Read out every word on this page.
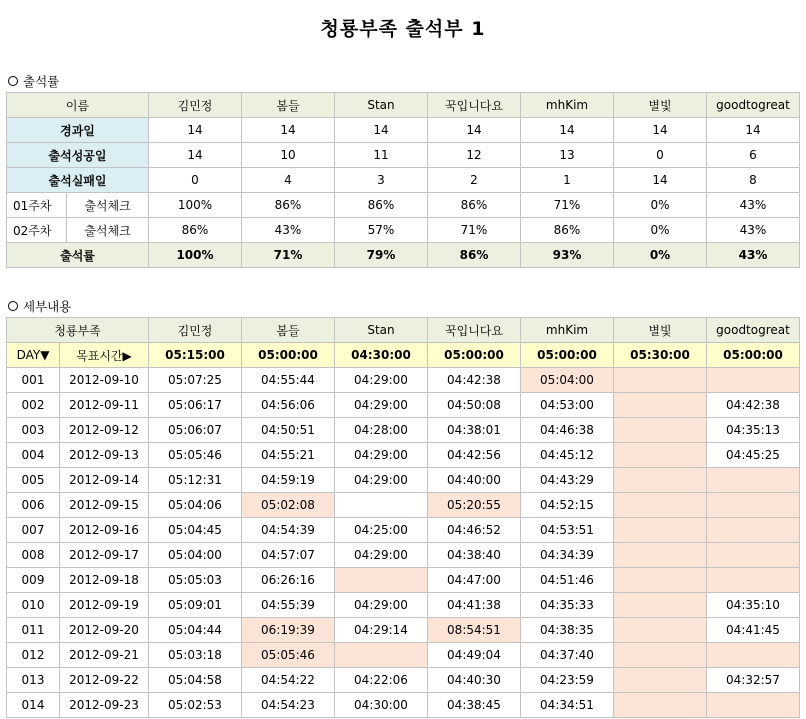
청룡부족 출석부 1
출석률
이름		김민정	봄들	Stan	꾹입니다요	mhKim	별빛	goodtogreat
경과일		14	14	14	14	14	14	14
출석성공일		14	10	11	12	13	0	6
출석실패일		0	4	3	2	1	14	8
01주차	출석체크	100%	86%	86%	86%	71%	0%	43%
02주차	출석체크	86%	43%	57%	71%	86%	0%	43%
출석률		100%	71%	79%	86%	93%	0%	43%
세부내용
청룡부족		김민정	봄들	Stan	꾹입니다요	mhKim	별빛	goodtogreat
DAY▼	목표시간▶	05:15:00	05:00:00	04:30:00	05:00:00	05:00:00	05:30:00	05:00:00
001	2012-09-10	05:07:25	04:55:44	04:29:00	04:42:38	05:04:00		
002	2012-09-11	05:06:17	04:56:06	04:29:00	04:50:08	04:53:00		04:42:38
003	2012-09-12	05:06:07	04:50:51	04:28:00	04:38:01	04:46:38		04:35:13
004	2012-09-13	05:05:46	04:55:21	04:29:00	04:42:56	04:45:12		04:45:25
005	2012-09-14	05:12:31	04:59:19	04:29:00	04:40:00	04:43:29		
006	2012-09-15	05:04:06	05:02:08		05:20:55	04:52:15		
007	2012-09-16	05:04:45	04:54:39	04:25:00	04:46:52	04:53:51		
008	2012-09-17	05:04:00	04:57:07	04:29:00	04:38:40	04:34:39		
009	2012-09-18	05:05:03	06:26:16		04:47:00	04:51:46		
010	2012-09-19	05:09:01	04:55:39	04:29:00	04:41:38	04:35:33		04:35:10
011	2012-09-20	05:04:44	06:19:39	04:29:14	08:54:51	04:38:35		04:41:45
012	2012-09-21	05:03:18	05:05:46		04:49:04	04:37:40		
013	2012-09-22	05:04:58	04:54:22	04:22:06	04:40:30	04:23:59		04:32:57
014	2012-09-23	05:02:53	04:54:23	04:30:00	04:38:45	04:34:51		
